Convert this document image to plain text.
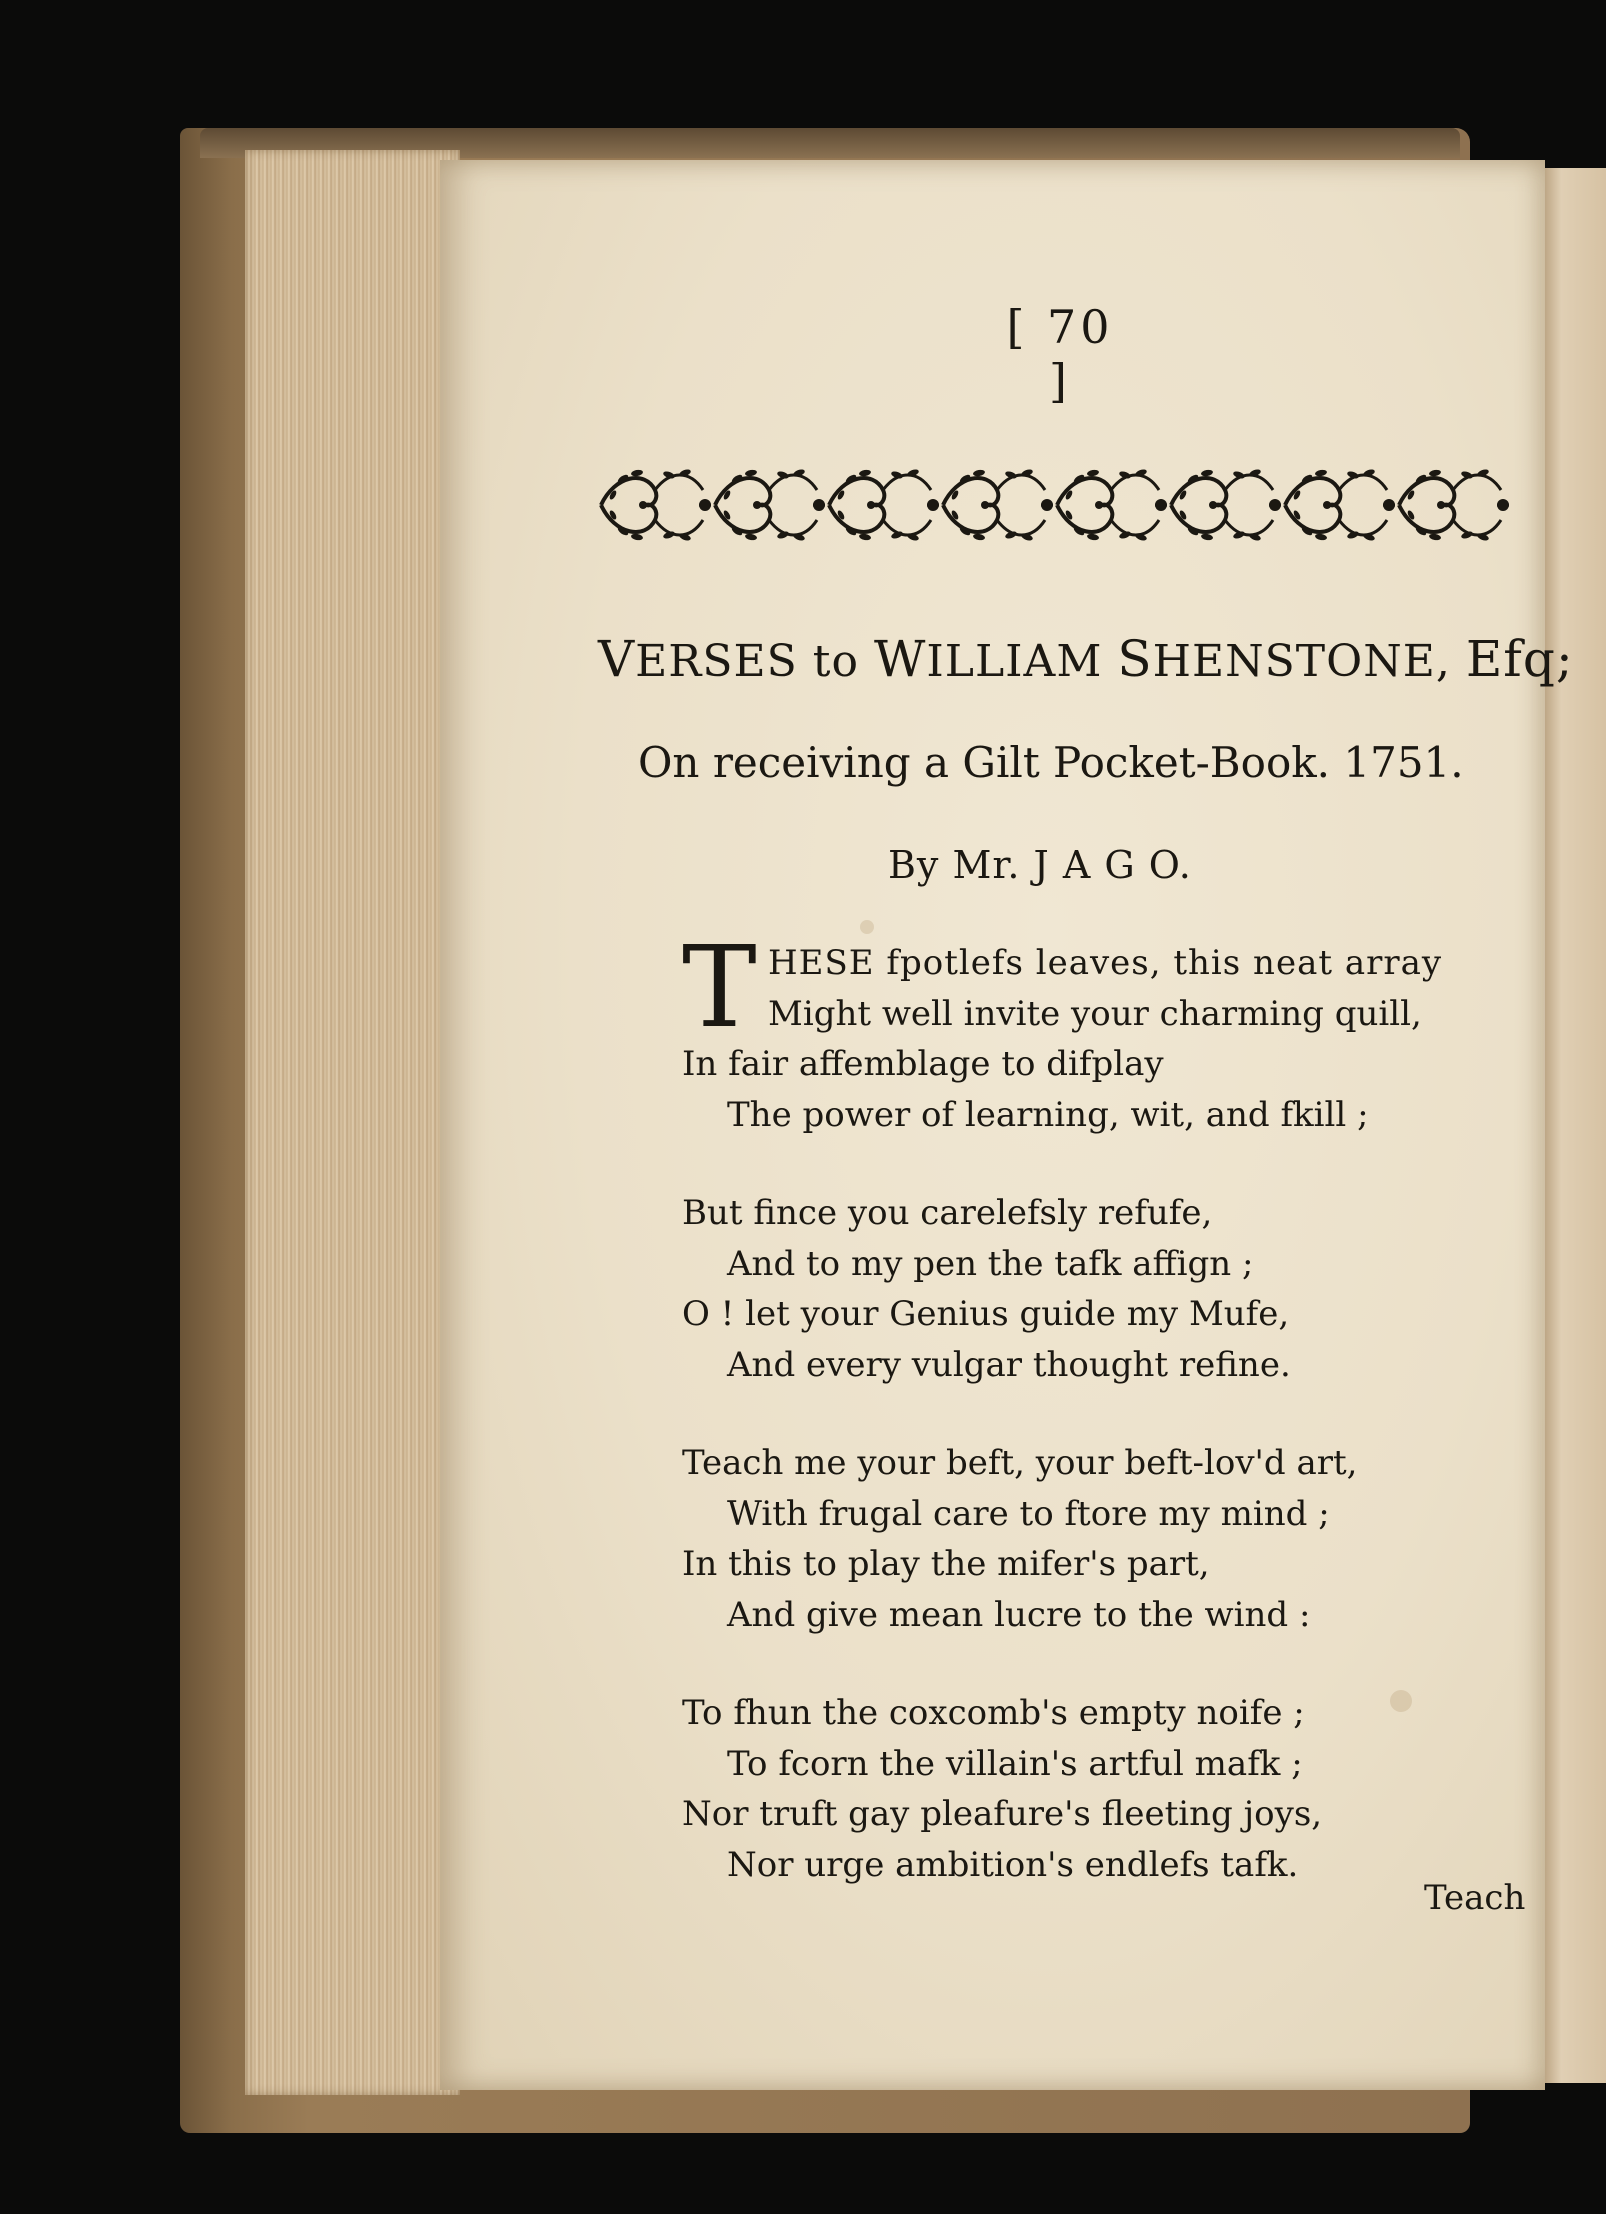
[ 70 ]
VERSES to WILLIAM SHENSTONE, Efq;
On receiving a Gilt Pocket-Book. 1751.
By Mr. J A G O.
T HESE fpotlefs leaves, this neat array
Might well invite your charming quill,
In fair affemblage to difplay
The power of learning, wit, and fkill ;
But fince you carelefsly refufe,
And to my pen the tafk affign ;
O ! let your Genius guide my Mufe,
And every vulgar thought refine.
Teach me your beft, your beft-lov'd art,
With frugal care to ftore my mind ;
In this to play the mifer's part,
And give mean lucre to the wind :
To fhun the coxcomb's empty noife ;
To fcorn the villain's artful mafk ;
Nor truft gay pleafure's fleeting joys,
Nor urge ambition's endlefs tafk.
Teach
